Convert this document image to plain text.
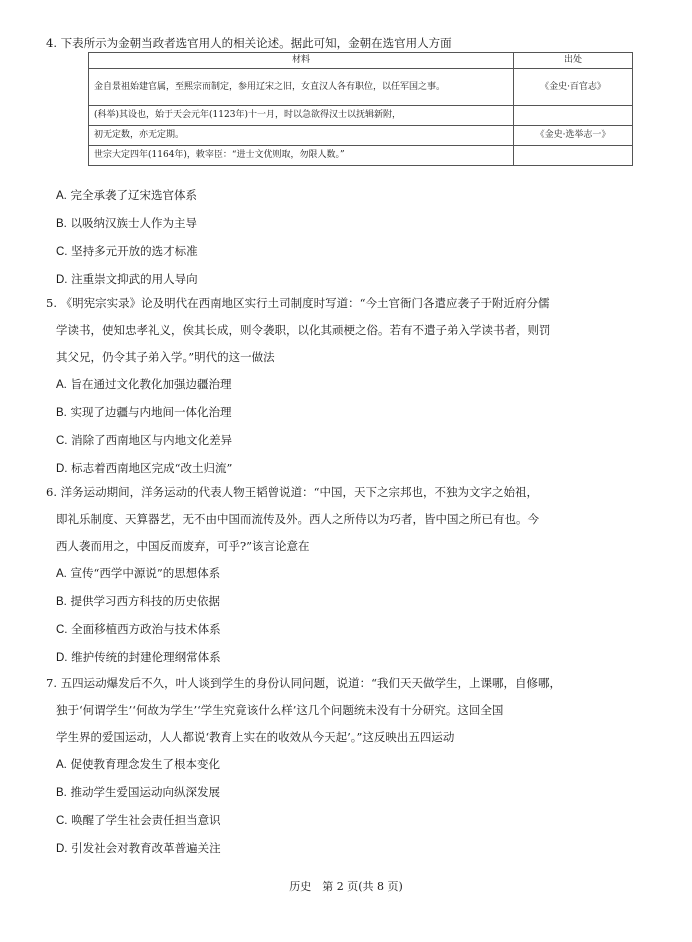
4. 下表所示为金朝当政者选官用人的相关论述。据此可知，金朝在选官用人方面

材料	出处
金自景祖始建官属，至熙宗而制定，参用辽宋之旧，女直汉人各有职位，以任军国之事。	《金史·百官志》
(科举)其设也，始于天会元年(1123年)十一月，时以急欲得汉士以抚辑新附，	
初无定数，亦无定期。	《金史·选举志一》
世宗大定四年(1164年)，敕宰臣：“进士文优则取，勿限人数。”	

A. 完全承袭了辽宋选官体系

B. 以吸纳汉族士人作为主导

C. 坚持多元开放的选才标准

D. 注重崇文抑武的用人导向

5. 《明宪宗实录》论及明代在西南地区实行土司制度时写道：“今土官衙门各遣应袭子于附近府分儒

学读书，使知忠孝礼义，俟其长成，则令袭职，以化其顽梗之俗。若有不遣子弟入学读书者，则罚

其父兄，仍令其子弟入学。”明代的这一做法

A. 旨在通过文化教化加强边疆治理

B. 实现了边疆与内地间一体化治理

C. 消除了西南地区与内地文化差异

D. 标志着西南地区完成“改土归流”

6. 洋务运动期间，洋务运动的代表人物王韬曾说道：“中国，天下之宗邦也，不独为文字之始祖，

即礼乐制度、天算器艺，无不由中国而流传及外。西人之所侍以为巧者，皆中国之所已有也。今

西人袭而用之，中国反而废弃，可乎?”该言论意在

A. 宣传“西学中源说”的思想体系

B. 提供学习西方科技的历史依据

C. 全面移植西方政治与技术体系

D. 维护传统的封建伦理纲常体系

7. 五四运动爆发后不久，叶人谈到学生的身份认同问题，说道：“我们天天做学生，上课哪，自修哪，

独于‘何谓学生’‘何故为学生’‘学生究竟该什么样’这几个问题统未没有十分研究。这回全国

学生界的爱国运动，人人都说‘教育上实在的收效从今天起’。”这反映出五四运动

A. 促使教育理念发生了根本变化

B. 推动学生爱国运动向纵深发展

C. 唤醒了学生社会责任担当意识

D. 引发社会对教育改革普遍关注

历史　第 2 页(共 8 页)
